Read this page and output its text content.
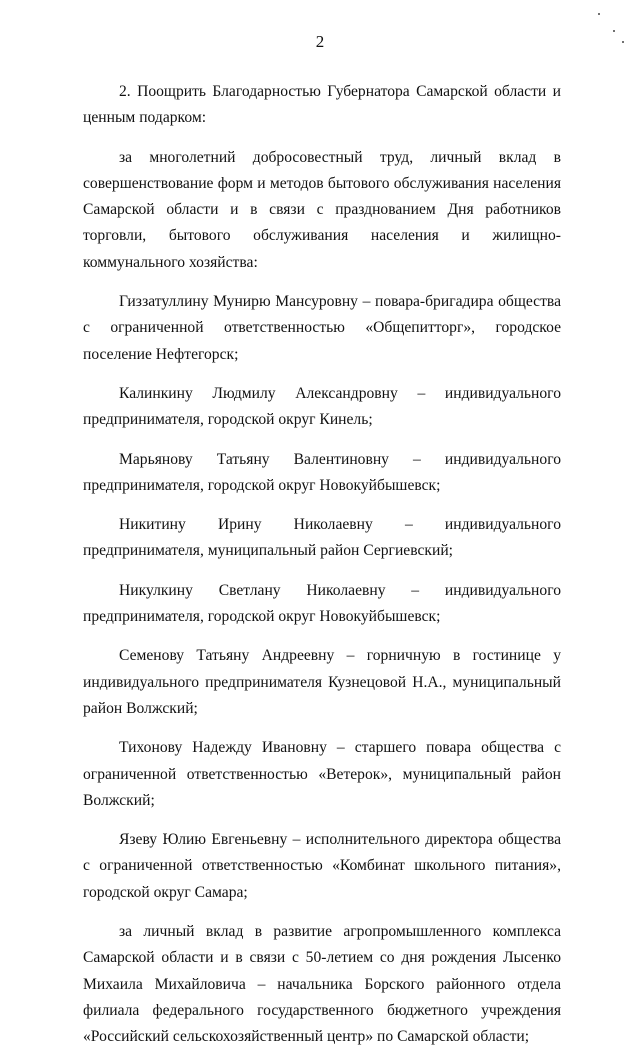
2

2. Поощрить Благодарностью Губернатора Самарской области и ценным подарком:

за многолетний добросовестный труд, личный вклад в совершенствование форм и методов бытового обслуживания населения Самарской области и в связи с празднованием Дня работников торговли, бытового обслуживания населения и жилищно-коммунального хозяйства:

Гиззатуллину Мунирю Мансуровну – повара-бригадира общества с ограниченной ответственностью «Общепитторг», городское поселение Нефтегорск;

Калинкину Людмилу Александровну – индивидуального предпринимателя, городской округ Кинель;

Марьянову Татьяну Валентиновну – индивидуального предпринимателя, городской округ Новокуйбышевск;

Никитину Ирину Николаевну – индивидуального предпринимателя, муниципальный район Сергиевский;

Никулкину Светлану Николаевну – индивидуального предпринимателя, городской округ Новокуйбышевск;

Семенову Татьяну Андреевну – горничную в гостинице у индивидуального предпринимателя Кузнецовой Н.А., муниципальный район Волжский;

Тихонову Надежду Ивановну – старшего повара общества с ограниченной ответственностью «Ветерок», муниципальный район Волжский;

Язеву Юлию Евгеньевну – исполнительного директора общества с ограниченной ответственностью «Комбинат школьного питания», городской округ Самара;

за личный вклад в развитие агропромышленного комплекса Самарской области и в связи с 50-летием со дня рождения Лысенко Михаила Михайловича – начальника Борского районного отдела филиала федерального государственного бюджетного учреждения «Российский сельскохозяйственный центр» по Самарской области;
